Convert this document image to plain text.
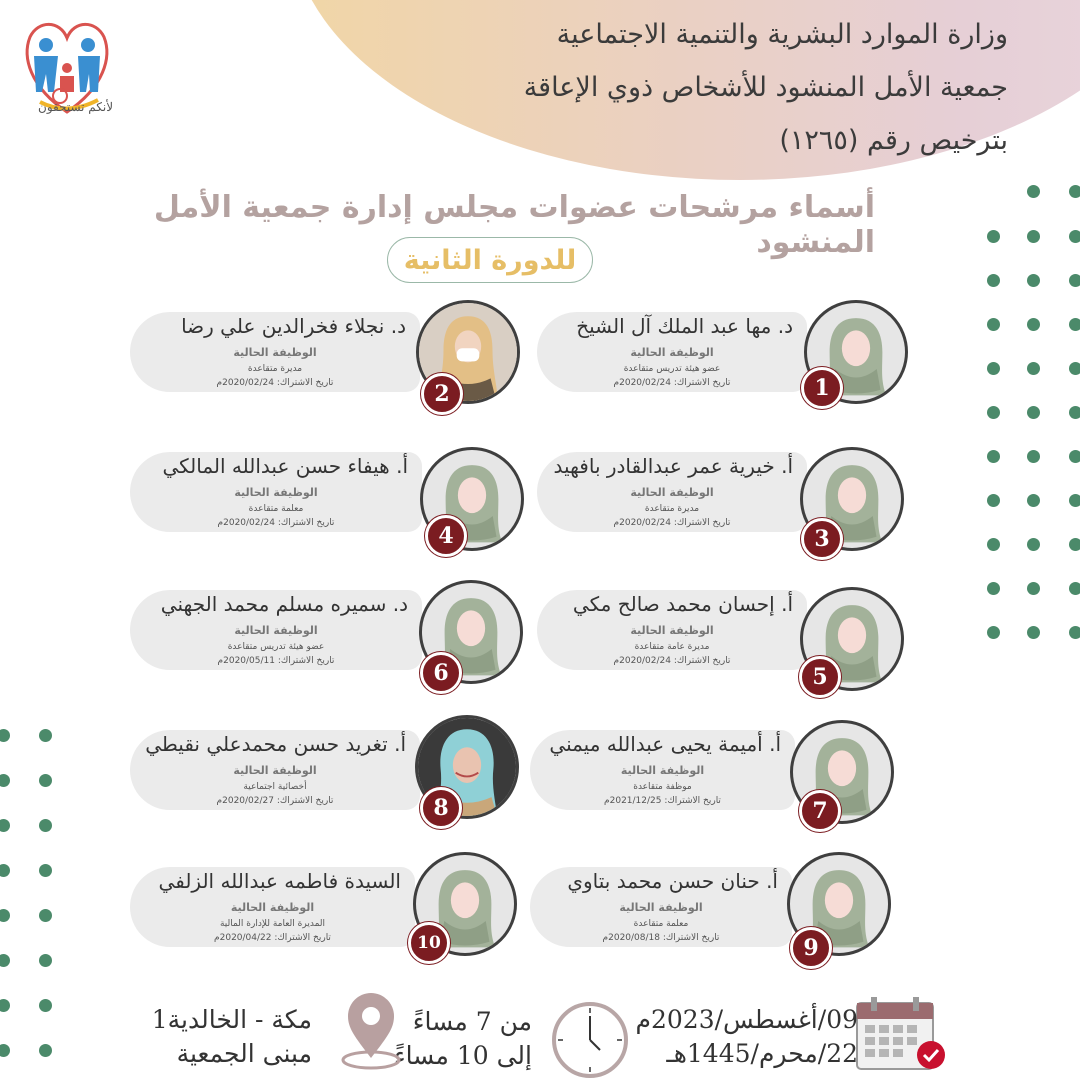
وزارة الموارد البشرية والتنمية الاجتماعية
جمعية الأمل المنشود للأشخاص ذوي الإعاقة
بترخيص رقم (١٢٦٥)
لأنكم تستحقون
أسماء مرشحات عضوات مجلس إدارة جمعية الأمل المنشود
للدورة الثانية
د. مها عبد الملك آل الشيخ
الوظيفة الحالية
عضو هيئة تدريس متقاعدة
تاريخ الاشتراك: 2020/02/24م	1
د. نجلاء فخرالدين علي رضا
الوظيفة الحالية
مديرة متقاعدة
تاريخ الاشتراك: 2020/02/24م	2
أ. خيرية عمر عبدالقادر بافهيد
الوظيفة الحالية
مديرة متقاعدة
تاريخ الاشتراك: 2020/02/24م
3
أ. هيفاء حسن عبدالله المالكي
الوظيفة الحالية
معلمة متقاعدة
تاريخ الاشتراك: 2020/02/24م	4
أ. إحسان محمد صالح مكي
الوظيفة الحالية
مديرة عامة متقاعدة
تاريخ الاشتراك: 2020/02/24م
5
د. سميره مسلم محمد الجهني
الوظيفة الحالية
عضو هيئة تدريس متقاعدة
تاريخ الاشتراك: 2020/05/11م	6
أ. أميمة يحيى عبدالله ميمني
الوظيفة الحالية
موظفة متقاعدة
تاريخ الاشتراك: 2021/12/25م	7
أ. تغريد حسن محمدعلي نقيطي
الوظيفة الحالية
أخصائية اجتماعية
تاريخ الاشتراك: 2020/02/27م	8
أ. حنان حسن محمد بتاوي
الوظيفة الحالية
معلمة متقاعدة
تاريخ الاشتراك: 2020/08/18م	9
السيدة فاطمه عبدالله الزلفي
الوظيفة الحالية
المديرة العامة للإدارة المالية
تاريخ الاشتراك: 2020/04/22م	10
09/أغسطس/2023م
22/محرم/1445هـ
من 7 مساءً
إلى 10 مساءً
مكة - الخالدية1
مبنى الجمعية
